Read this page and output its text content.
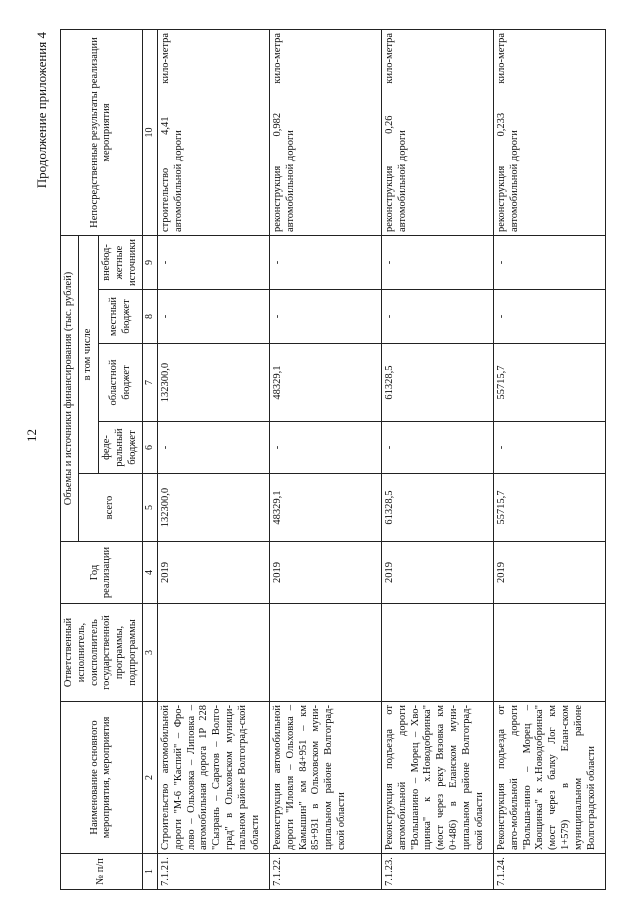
12
Продолжение приложения 4
№ п/п	Наименование основного мероприятия, мероприятия	Ответственный исполнитель, соисполнитель государственной программы, подпрограммы	Год реализации	Объемы и источники финансирования (тыс. рублей)					Непосредственные результаты реализации мероприятия
				всего	в том числе				
					феде-ральный бюджет	областной бюджет	местный бюджет	внебюд-жетные источники	
1	2	3	4	5	6	7	8	9	10
7.1.21.	Строительство автомобильной дороги "М-6 "Каспий" – Фро-лово – Ольховка – Липовка – автомобильная дорога 1Р 228 "Сызрань – Саратов – Волго-град" в Ольховском муници-пальном районе Волгоград-ской области		2019	132300,0	-	132300,0	-	-	строительство 4,41 кило-метра автомобильной дороги
7.1.22.	Реконструкция автомобильной дороги "Иловля – Ольховка – Камышин" км 84+951 – км 85+931 в Ольховском муни-ципальном районе Волгоград-ской области		2019	48329,1	-	48329,1	-	-	реконструкция 0,982 кило-метра автомобильной дороги
7.1.23.	Реконструкция подъезда от автомобильной дороги "Вольшанино – Морец – Хво-щинка" к х.Новодобринка" (мост через реку Вязовка км 0+486) в Еланском муни-ципальном районе Волгоград-ской области		2019	61328,5	-	61328,5	-	-	реконструкция 0,26 кило-метра автомобильной дороги
7.1.24.	Реконструкция подъезда от авто-мобильной дороги "Вольша-нино – Морец – Хвощинка" к х.Новодобринка" (мост через балку Лог км 1+579) в Елан-ском муниципальном районе Волгоградской области		2019	55715,7	-	55715,7	-	-	реконструкция 0,233 кило-метра автомобильной дороги
